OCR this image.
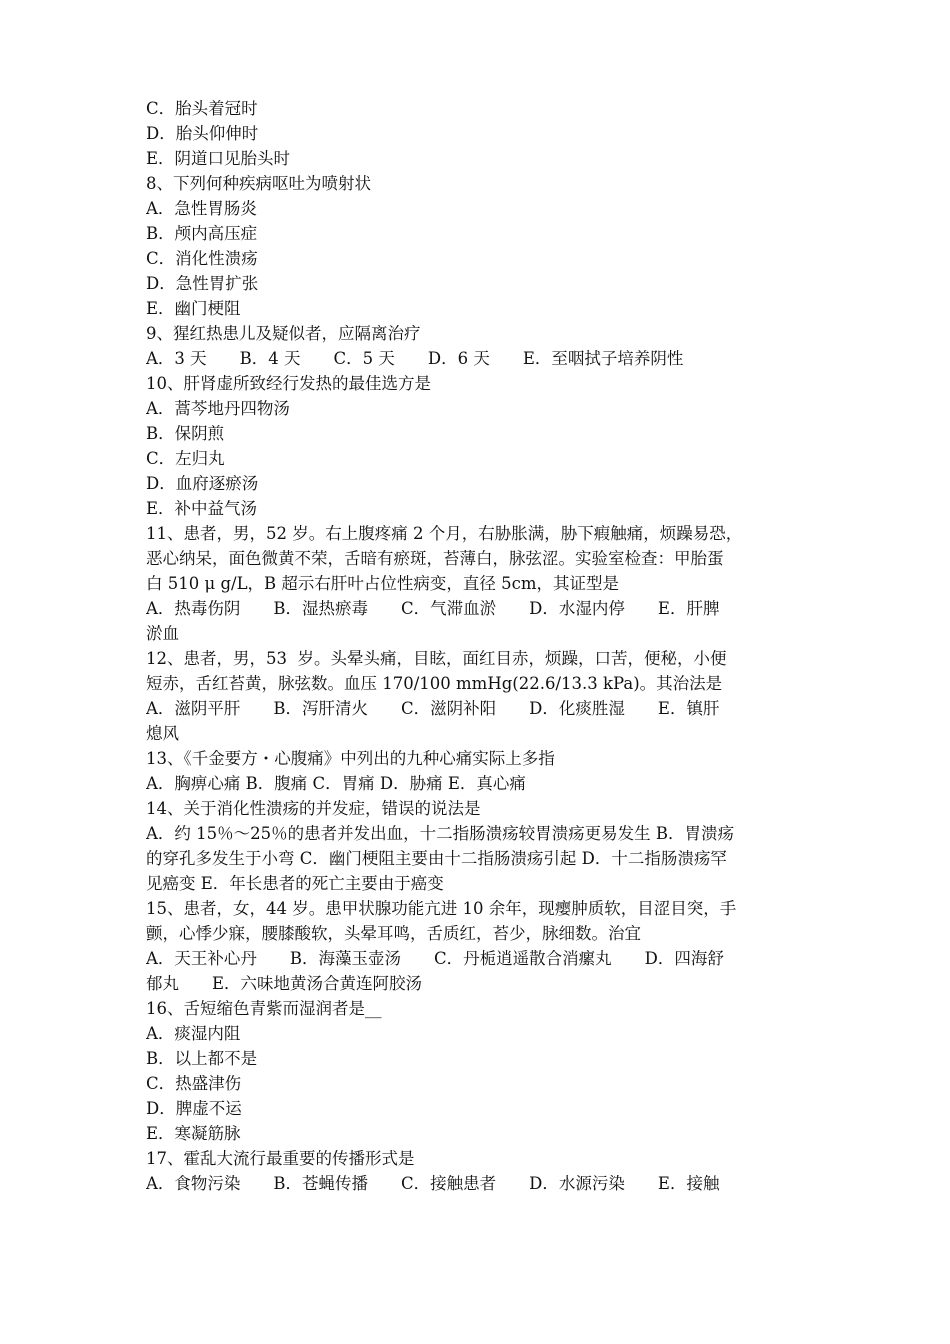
C．胎头着冠时
D．胎头仰伸时
E．阴道口见胎头时
8、下列何种疾病呕吐为喷射状
A．急性胃肠炎
B．颅内高压症
C．消化性溃疡
D．急性胃扩张
E．幽门梗阻
9、猩红热患儿及疑似者，应隔离治疗
A．3 天　　B．4 天　　C．5 天　　D．6 天　　E．至咽拭子培养阴性
10、肝肾虚所致经行发热的最佳选方是
A．蒿芩地丹四物汤
B．保阴煎
C．左归丸
D．血府逐瘀汤
E．补中益气汤
11、患者，男，52 岁。右上腹疼痛 2 个月，右胁胀满，胁下瘕触痛，烦躁易恐，
恶心纳呆，面色微黄不荣，舌暗有瘀斑，苔薄白，脉弦涩。实验室检查：甲胎蛋
白 510 μ g/L，B 超示右肝叶占位性病变，直径 5cm，其证型是
A．热毒伤阴　　B．湿热瘀毒　　C．气滞血淤　　D．水湿内停　　E．肝脾
淤血
12、患者，男，53  岁。头晕头痛，目眩，面红目赤，烦躁，口苦，便秘，小便
短赤，舌红苔黄，脉弦数。血压 170/100 mmHg(22.6/13.3 kPa)。其治法是
A．滋阴平肝　　B．泻肝清火　　C．滋阴补阳　　D．化痰胜湿　　E．镇肝
熄风
13、《千金要方・心腹痛》中列出的九种心痛实际上多指
A．胸痹心痛 B．腹痛 C．胃痛 D．胁痛 E．真心痛
14、关于消化性溃疡的并发症，错误的说法是
A．约 15％～25％的患者并发出血，十二指肠溃疡较胃溃疡更易发生 B．胃溃疡
的穿孔多发生于小弯 C．幽门梗阻主要由十二指肠溃疡引起 D．十二指肠溃疡罕
见癌变 E．年长患者的死亡主要由于癌变
15、患者，女，44 岁。患甲状腺功能亢进 10 余年，现瘿肿质软，目涩目突，手
颤，心悸少寐，腰膝酸软，头晕耳鸣，舌质红，苔少，脉细数。治宜
A．天王补心丹　　B．海藻玉壶汤　　C．丹栀逍遥散合消瘰丸　　D．四海舒
郁丸　　E．六味地黄汤合黄连阿胶汤
16、舌短缩色青紫而湿润者是__
A．痰湿内阻
B．以上都不是
C．热盛津伤
D．脾虚不运
E．寒凝筋脉
17、霍乱大流行最重要的传播形式是
A．食物污染　　B．苍蝇传播　　C．接触患者　　D．水源污染　　E．接触
